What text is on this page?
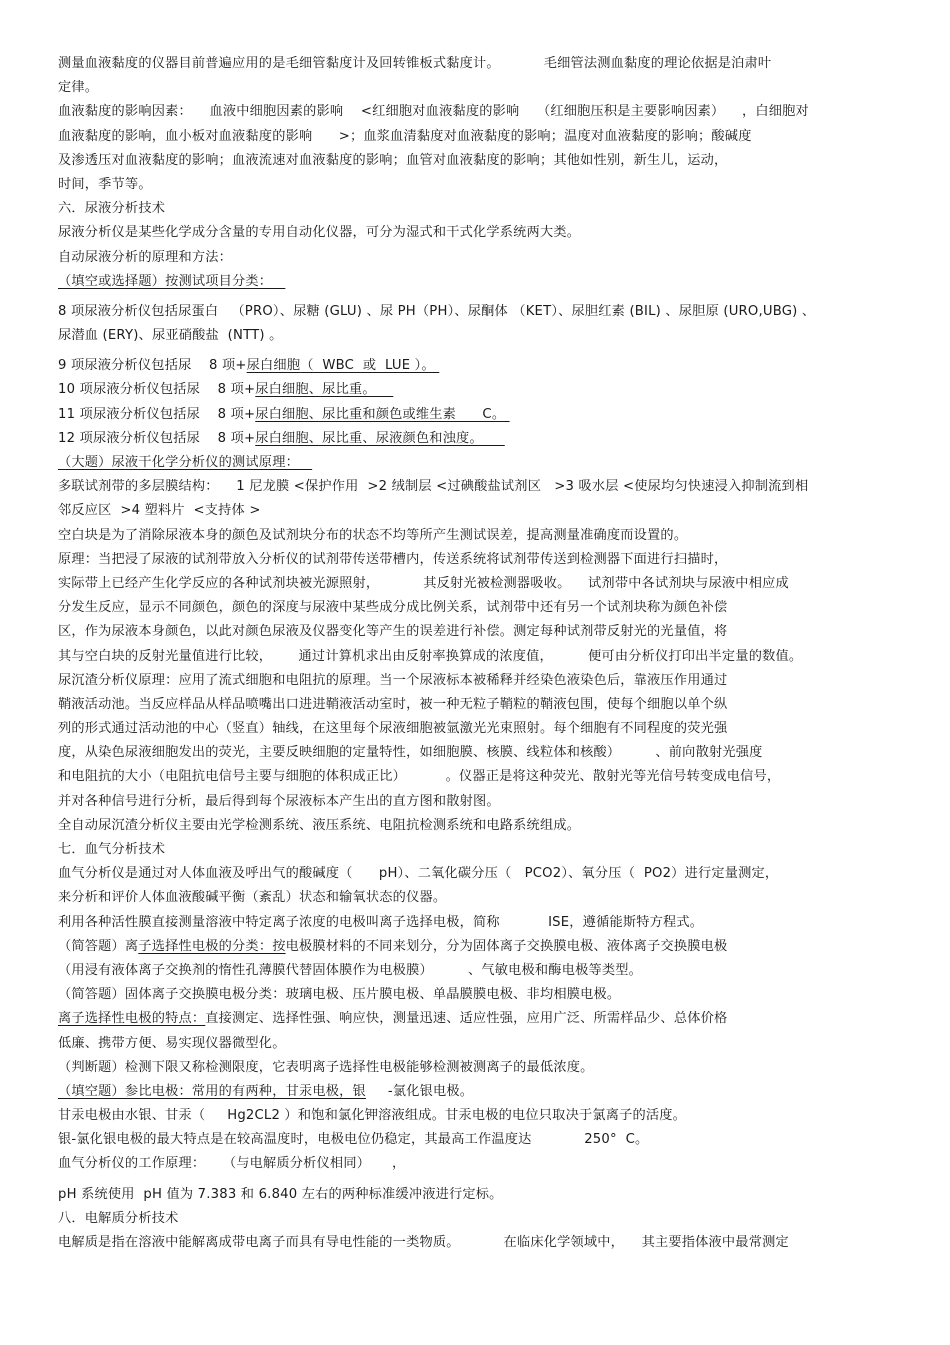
测量血液黏度的仪器目前普遍应用的是毛细管黏度计及回转锥板式黏度计。          毛细管法测血黏度的理论依据是泊肃叶
定律。
血液黏度的影响因素：    血液中细胞因素的影响    <红细胞对血液黏度的影响    （红细胞压积是主要影响因素）    ，白细胞对
血液黏度的影响，血小板对血液黏度的影响      >；血浆血清黏度对血液黏度的影响；温度对血液黏度的影响；酸碱度
及渗透压对血液黏度的影响；血液流速对血液黏度的影响；血管对血液黏度的影响；其他如性别，新生儿，运动，
时间，季节等。
六．尿液分析技术
尿液分析仪是某些化学成分含量的专用自动化仪器，可分为湿式和干式化学系统两大类。
自动尿液分析的原理和方法：
（填空或选择题）按测试项目分类：
8 项尿液分析仪包括尿蛋白   （PRO）、尿糖 (GLU) 、尿 PH（PH）、尿酮体 （KET）、尿胆红素 (BIL) 、尿胆原 (URO,UBG) 、
尿潜血 (ERY)、尿亚硝酸盐  (NTT) 。
9 项尿液分析仪包括尿    8 项+尿白细胞（  WBC  或  LUE ）。
10 项尿液分析仪包括尿    8 项+尿白细胞、尿比重。
11 项尿液分析仪包括尿    8 项+尿白细胞、尿比重和颜色或维生素      C。
12 项尿液分析仪包括尿    8 项+尿白细胞、尿比重、尿液颜色和浊度。
（大题）尿液干化学分析仪的测试原理：
多联试剂带的多层膜结构：    1 尼龙膜 <保护作用  >2 绒制层 <过碘酸盐试剂区   >3 吸水层 <使尿均匀快速浸入抑制流到相
邻反应区  >4 塑料片  <支持体 >
空白块是为了消除尿液本身的颜色及试剂块分布的状态不均等所产生测试误差，提高测量准确度而设置的。
原理：当把浸了尿液的试剂带放入分析仪的试剂带传送带槽内，传送系统将试剂带传送到检测器下面进行扫描时，
实际带上已经产生化学反应的各种试剂块被光源照射，          其反射光被检测器吸收。    试剂带中各试剂块与尿液中相应成
分发生反应，显示不同颜色，颜色的深度与尿液中某些成分成比例关系，试剂带中还有另一个试剂块称为颜色补偿
区，作为尿液本身颜色，以此对颜色尿液及仪器变化等产生的误差进行补偿。测定每种试剂带反射光的光量值，将
其与空白块的反射光量值进行比较，      通过计算机求出由反射率换算成的浓度值，        便可由分析仪打印出半定量的数值。
尿沉渣分析仪原理：应用了流式细胞和电阻抗的原理。当一个尿液标本被稀释并经染色液染色后，靠液压作用通过
鞘液活动池。当反应样品从样品喷嘴出口进进鞘液活动室时，被一种无粒子鞘粒的鞘液包围，使每个细胞以单个纵
列的形式通过活动池的中心（竖直）轴线，在这里每个尿液细胞被氩激光光束照射。每个细胞有不同程度的荧光强
度，从染色尿液细胞发出的荧光，主要反映细胞的定量特性，如细胞膜、核膜、线粒体和核酸）        、前向散射光强度
和电阻抗的大小（电阻抗电信号主要与细胞的体积成正比）         。仪器正是将这种荧光、散射光等光信号转变成电信号，
并对各种信号进行分析，最后得到每个尿液标本产生出的直方图和散射图。
全自动尿沉渣分析仪主要由光学检测系统、液压系统、电阻抗检测系统和电路系统组成。
七．血气分析技术
血气分析仪是通过对人体血液及呼出气的酸碱度（      pH）、二氧化碳分压（   PCO2）、氧分压（  PO2）进行定量测定，
来分析和评价人体血液酸碱平衡（紊乱）状态和输氧状态的仪器。
利用各种活性膜直接测量溶液中特定离子浓度的电极叫离子选择电极，简称           ISE，遵循能斯特方程式。
（简答题）离子选择性电极的分类：按电极膜材料的不同来划分，分为固体离子交换膜电极、液体离子交换膜电极
（用浸有液体离子交换剂的惰性孔薄膜代替固体膜作为电极膜）        、气敏电极和酶电极等类型。
（简答题）固体离子交换膜电极分类：玻璃电极、压片膜电极、单晶膜膜电极、非均相膜电极。
离子选择性电极的特点：直接测定、选择性强、响应快，测量迅速、适应性强，应用广泛、所需样品少、总体价格
低廉、携带方便、易实现仪器微型化。
（判断题）检测下限又称检测限度，它表明离子选择性电极能够检测被测离子的最低浓度。
（填空题）参比电极：常用的有两种，甘汞电极，银     -氯化银电极。
甘汞电极由水银、甘汞（     Hg2CL2 ）和饱和氯化钾溶液组成。甘汞电极的电位只取决于氯离子的活度。
银-氯化银电极的最大特点是在较高温度时，电极电位仍稳定，其最高工作温度达            250°  C。
血气分析仪的工作原理：    （与电解质分析仪相同）     ，
pH 系统使用  pH 值为 7.383 和 6.840 左右的两种标准缓冲液进行定标。
八．电解质分析技术
电解质是指在溶液中能解离成带电离子而具有导电性能的一类物质。          在临床化学领域中，    其主要指体液中最常测定
